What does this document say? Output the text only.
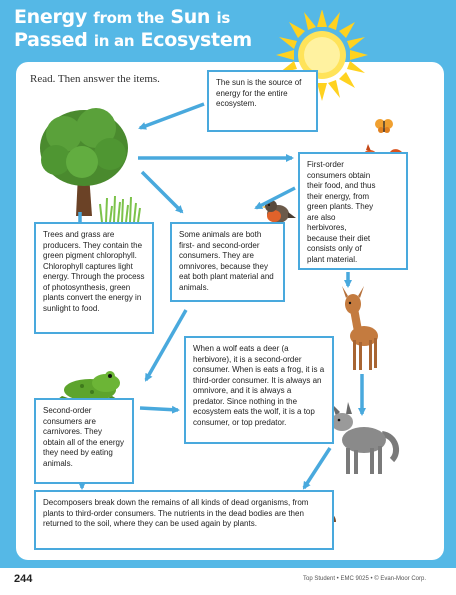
Energy from the Sun is
Passed in an Ecosystem
Read. Then answer the items.	The sun is the source of energy for the entire ecosystem.
Trees and grass are producers. They contain the green pigment chlorophyll. Chlorophyll captures light energy. Through the process of photosynthesis, green plants convert the energy in sunlight to food.
Some animals are both first- and second-order consumers. They are omnivores, because they eat both plant material and animals.
First-order consumers obtain their food, and thus their energy, from green plants. They are also herbivores, because their diet consists only of plant material.
When a wolf eats a deer (a herbivore), it is a second-order consumer. When is eats a frog, it is a third-order consumer. It is always an omnivore, and it is always a predator. Since nothing in the ecosystem eats the wolf, it is a top consumer, or top predator.
Second-order consumers are carnivores. They obtain all of the energy they need by eating animals.
Decomposers break down the remains of all kinds of dead organisms, from plants to third-order consumers. The nutrients in the dead bodies are then returned to the soil, where they can be used again by plants.
244	Top Student • EMC 9025 • © Evan-Moor Corp.
